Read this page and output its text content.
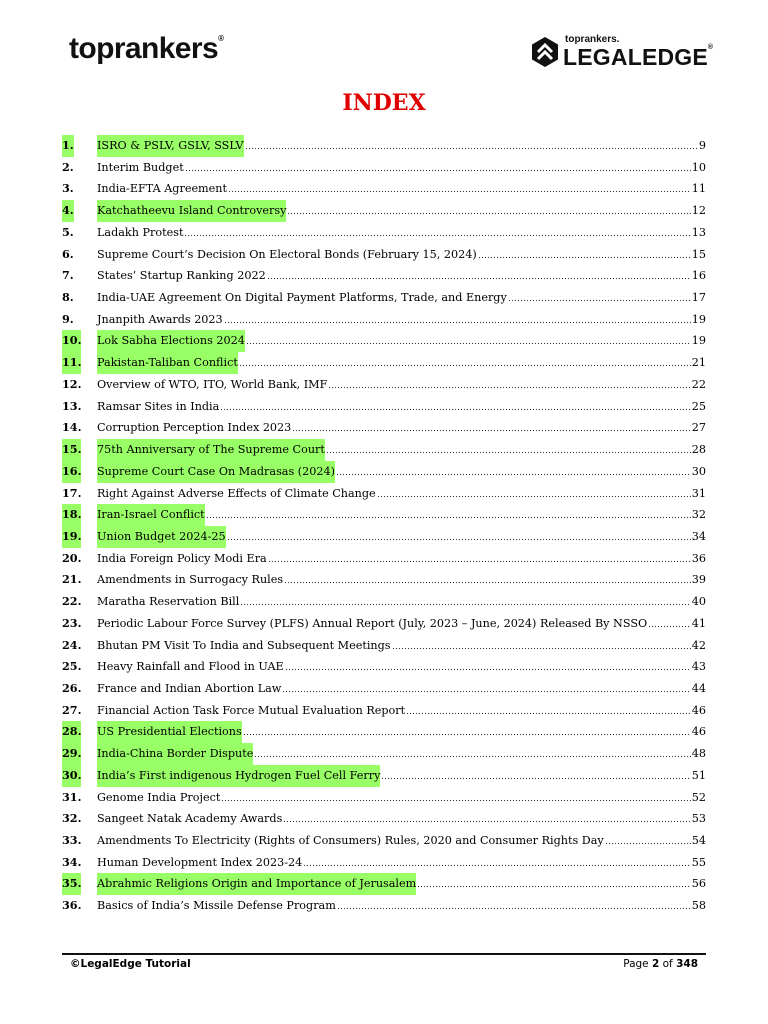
toprankers®	toprankers.
LEGALEDGE®
INDEX
1. ISRO & PSLV, GSLV, SSLV	9
2. Interim Budget	10
3. India-EFTA Agreement	11
4. Katchatheevu Island Controversy	12
5. Ladakh Protest	13
6. Supreme Court’s Decision On Electoral Bonds (February 15, 2024)	15
7. States’ Startup Ranking 2022	16
8. India-UAE Agreement On Digital Payment Platforms, Trade, and Energy	17
9. Jnanpith Awards 2023	19
10. Lok Sabha Elections 2024	19
11. Pakistan-Taliban Conflict	21
12. Overview of WTO, ITO, World Bank, IMF	22
13. Ramsar Sites in India	25
14. Corruption Perception Index 2023	27
15. 75th Anniversary of The Supreme Court	28
16. Supreme Court Case On Madrasas (2024)	30
17. Right Against Adverse Effects of Climate Change	31
18. Iran-Israel Conflict	32
19. Union Budget 2024-25	34
20. India Foreign Policy Modi Era	36
21. Amendments in Surrogacy Rules	39
22. Maratha Reservation Bill	40
23. Periodic Labour Force Survey (PLFS) Annual Report (July, 2023 – June, 2024) Released By NSSO	41
24. Bhutan PM Visit To India and Subsequent Meetings	42
25. Heavy Rainfall and Flood in UAE	43
26. France and Indian Abortion Law	44
27. Financial Action Task Force Mutual Evaluation Report	46
28. US Presidential Elections	46
29. India-China Border Dispute	48
30. India’s First indigenous Hydrogen Fuel Cell Ferry	51
31. Genome India Project	52
32. Sangeet Natak Academy Awards	53
33. Amendments To Electricity (Rights of Consumers) Rules, 2020 and Consumer Rights Day	54
34. Human Development Index 2023-24	55
35. Abrahmic Religions Origin and Importance of Jerusalem	56
36. Basics of India’s Missile Defense Program	58
©LegalEdge Tutorial	Page 2 of 348
